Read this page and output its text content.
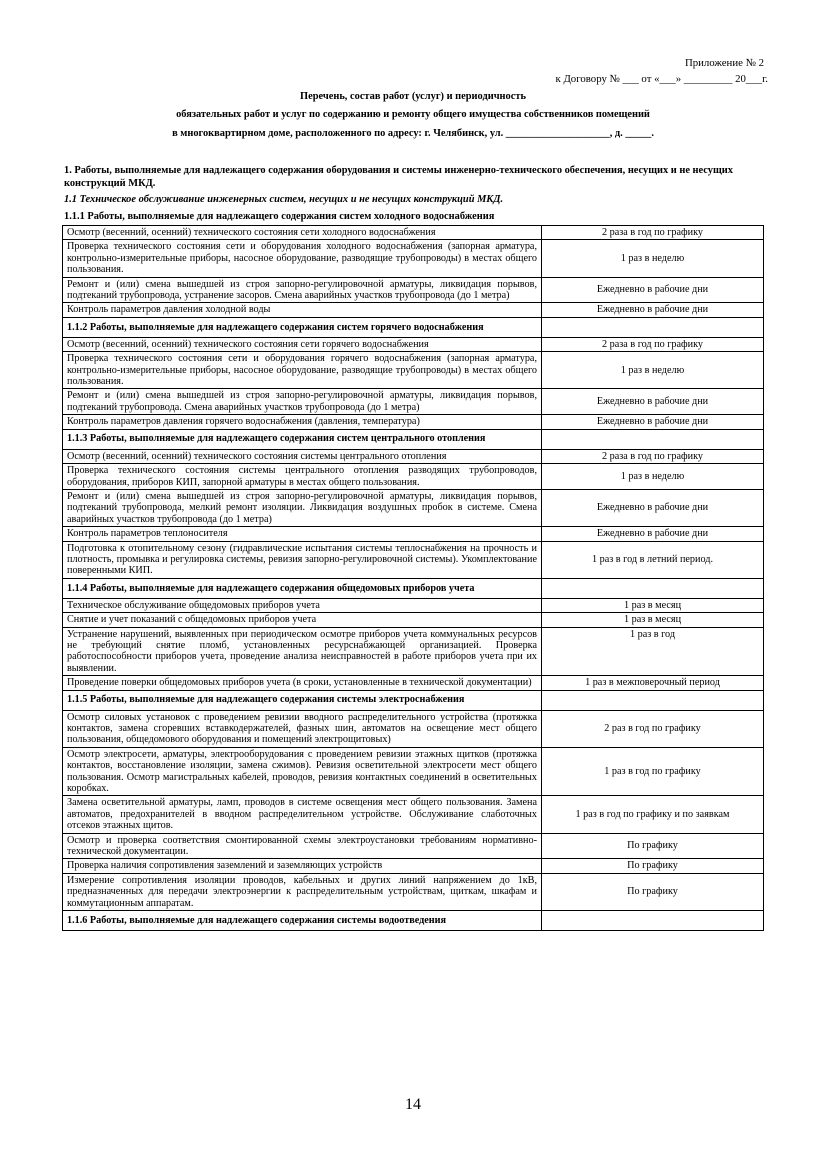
Приложение № 2
к Договору № ___ от «___» _________ 20___г.
Перечень, состав работ (услуг) и периодичность
обязательных работ и услуг по содержанию и ремонту общего имущества собственников помещений
в многоквартирном доме, расположенного по адресу: г. Челябинск, ул. ____________________, д. _____.
1. Работы, выполняемые для надлежащего содержания оборудования и системы инженерно-технического обеспечения, несущих и не несущих конструкций МКД.
1.1 Техническое обслуживание инженерных систем, несущих и не несущих конструкций МКД.
1.1.1 Работы, выполняемые для надлежащего содержания систем холодного водоснабжения
Осмотр (весенний, осенний) технического состояния сети холодного водоснабжения	2 раза в год по графику
Проверка технического состояния сети и оборудования холодного водоснабжения (запорная арматура, контрольно-измерительные приборы, насосное оборудование, разводящие трубопроводы) в местах общего пользования.	1 раз в неделю
Ремонт и (или) смена вышедшей из строя запорно-регулировочной арматуры, ликвидация порывов, подтеканий трубопровода, устранение засоров. Смена аварийных участков трубопровода (до 1 метра)	Ежедневно в рабочие дни
Контроль параметров давления холодной воды	Ежедневно в рабочие дни
1.1.2 Работы, выполняемые для надлежащего содержания систем горячего водоснабжения	
Осмотр (весенний, осенний) технического состояния сети горячего водоснабжения	2 раза в год по графику
Проверка технического состояния сети и оборудования горячего водоснабжения (запорная арматура, контрольно-измерительные приборы, насосное оборудование, разводящие трубопроводы) в местах общего пользования.	1 раз в неделю
Ремонт и (или) смена вышедшей из строя запорно-регулировочной арматуры, ликвидация порывов, подтеканий трубопровода. Смена аварийных участков трубопровода (до 1 метра)	Ежедневно в рабочие дни
Контроль параметров давления горячего водоснабжения (давления, температура)	Ежедневно в рабочие дни
1.1.3 Работы, выполняемые для надлежащего содержания систем центрального отопления	
Осмотр (весенний, осенний) технического состояния системы центрального отопления	2 раза в год по графику
Проверка технического состояния системы центрального отопления разводящих трубопроводов, оборудования, приборов КИП, запорной арматуры в местах общего пользования.	1 раз в неделю
Ремонт и (или) смена вышедшей из строя запорно-регулировочной арматуры, ликвидация порывов, подтеканий трубопровода, мелкий ремонт изоляции. Ликвидация воздушных пробок в системе. Смена аварийных участков трубопровода (до 1 метра)	Ежедневно в рабочие дни
Контроль параметров теплоносителя	Ежедневно в рабочие дни
Подготовка к отопительному сезону (гидравлические испытания системы теплоснабжения на прочность и плотность, промывка и регулировка системы, ревизия запорно-регулировочной системы). Укомплектование поверенными КИП.	1 раз в год в летний период.
1.1.4 Работы, выполняемые для надлежащего содержания общедомовых приборов учета	
Техническое обслуживание общедомовых приборов учета	1 раз в месяц
Снятие и учет показаний с общедомовых приборов учета	1 раз в месяц
Устранение нарушений, выявленных при периодическом осмотре приборов учета коммунальных ресурсов не требующий снятие пломб, установленных ресурснабжающей организацией. Проверка работоспособности приборов учета, проведение анализа неисправностей в работе приборов учета при их выявлении.	1 раз в год
Проведение поверки общедомовых приборов учета (в сроки, установленные в технической документации)	1 раз в межповерочный период
1.1.5 Работы, выполняемые для надлежащего содержания системы электроснабжения	
Осмотр силовых установок с проведением ревизии вводного распределительного устройства (протяжка контактов, замена сгоревших вставкодержателей, фазных шин, автоматов на освещение мест общего пользования, общедомового оборудования и помещений электрощитовых)	2 раз в год по графику
Осмотр электросети, арматуры, электрооборудования с проведением ревизии этажных щитков (протяжка контактов, восстановление изоляции, замена сжимов). Ревизия осветительной электросети мест общего пользования. Осмотр магистральных кабелей, проводов, ревизия контактных соединений в осветительных коробках.	1 раз в год по графику
Замена осветительной арматуры, ламп, проводов в системе освещения мест общего пользования. Замена автоматов, предохранителей в вводном распределительном устройстве. Обслуживание слаботочных отсеков этажных щитов.	1 раз в год по графику и по заявкам
Осмотр и проверка соответствия смонтированной схемы электроустановки требованиям нормативно-технической документации.	По графику
Проверка наличия сопротивления заземлений и заземляющих устройств	По графику
Измерение сопротивления изоляции проводов, кабельных и других линий напряжением до 1кВ, предназначенных для передачи электроэнергии к распределительным устройствам, щиткам, шкафам и коммутационным аппаратам.	По графику
1.1.6 Работы, выполняемые для надлежащего содержания системы водоотведения	
14
